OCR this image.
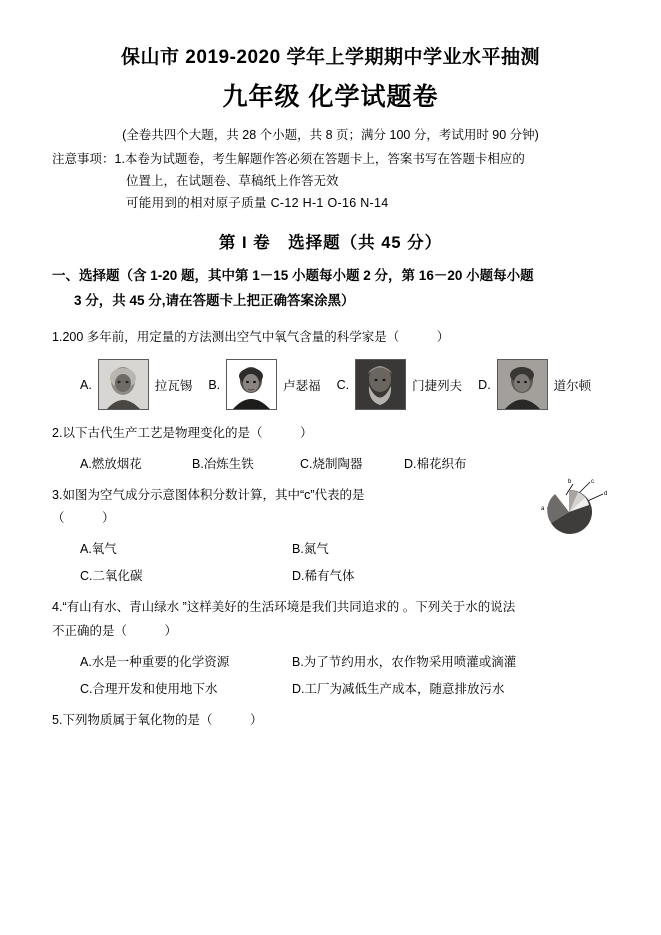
保山市 2019-2020 学年上学期期中学业水平抽测
九年级 化学试题卷
(全卷共四个大题，共 28 个小题，共 8 页；满分 100 分，考试用时 90 分钟)
注意事项：1.本卷为试题卷，考生解题作答必须在答题卡上，答案书写在答题卡相应的
位置上，在试题卷、草稿纸上作答无效
可能用到的相对原子质量 C-12 H-1 O-16 N-14
第 I 卷　选择题（共 45 分）
一、选择题（含 1-20 题，其中第 1－15 小题每小题 2 分，第 16－20 小题每小题
3 分，共 45 分,请在答题卡上把正确答案涂黑）
1.200 多年前，用定量的方法测出空气中氧气含量的科学家是（　　　）
A.	拉瓦锡 B.	卢瑟福 C.	门捷列夫 D.	道尔顿
2.以下古代生产工艺是物理变化的是（　　　）
A.燃放烟花	B.冶炼生铁	C.烧制陶器	D.棉花织布
3.如图为空气成分示意图体积分数计算，其中“c”代表的是
（　　　）
b	c
d
a
A.氧气	B.氮气
C.二氧化碳	D.稀有气体
4.“有山有水、青山绿水 ”这样美好的生活环境是我们共同追求的 。下列关于水的说法
不正确的是（　　　）
A.水是一种重要的化学资源	B.为了节约用水，农作物采用喷灌或滴灌
C.合理开发和使用地下水	D.工厂为减低生产成本，随意排放污水
5.下列物质属于氧化物的是（　　　）
